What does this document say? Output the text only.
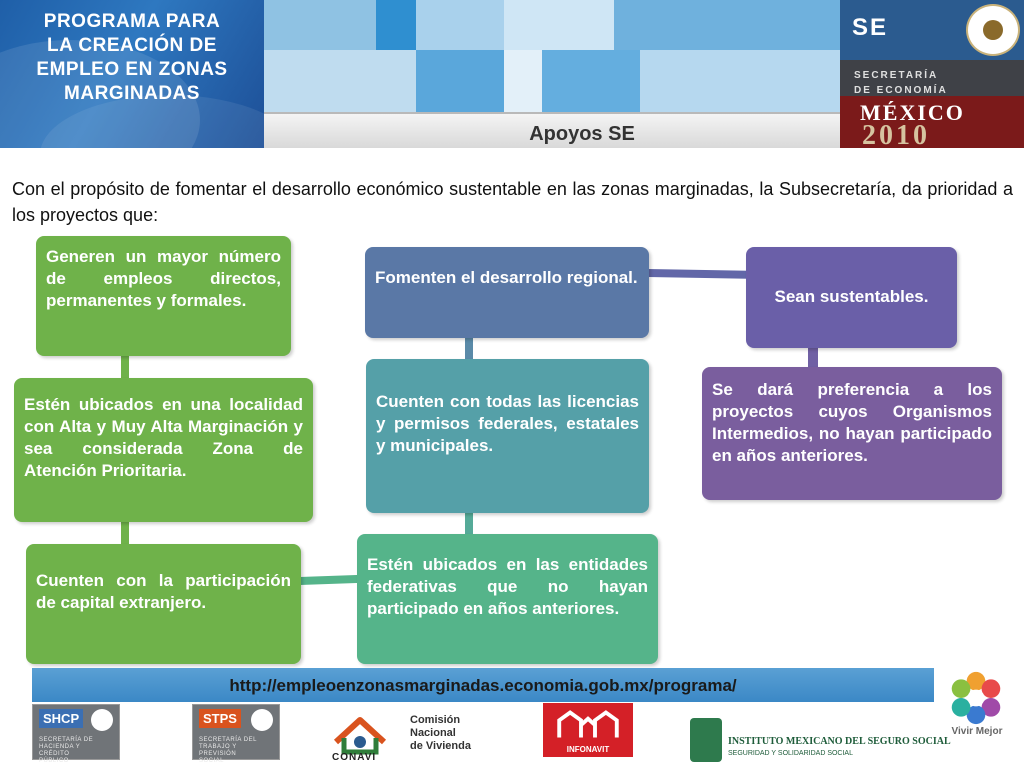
PROGRAMA PARA
LA CREACIÓN DE
EMPLEO EN ZONAS
MARGINADAS
Apoyos SE
SE
SECRETARÍA
DE ECONOMÍA
MÉXICO
2010

Con el propósito de fomentar el desarrollo económico sustentable en las zonas marginadas, la Subsecretaría, da prioridad a los proyectos que:

Generen un mayor número de empleos directos, permanentes y formales.
Estén ubicados en una localidad con Alta y Muy Alta Marginación y sea considerada Zona de Atención Prioritaria.
Cuenten con la participación de capital extranjero.
Fomenten el desarrollo regional.
Cuenten con todas las licencias y permisos federales, estatales y municipales.
Estén ubicados en las entidades federativas que no hayan participado en años anteriores.
Sean sustentables.
Se dará preferencia a los proyectos cuyos Organismos Intermedios, no hayan participado en años anteriores.
http://empleoenzonasmarginadas.economia.gob.mx/programa/
SHCP
SECRETARÍA DE HACIENDA Y CRÉDITO PÚBLICO
STPS
SECRETARÍA DEL TRABAJO Y PREVISIÓN SOCIAL
Comisión
Nacional
de Vivienda
CONAVI
INFONAVIT
INSTITUTO MEXICANO DEL SEGURO SOCIAL
SEGURIDAD Y SOLIDARIDAD SOCIAL
Vivir Mejor
